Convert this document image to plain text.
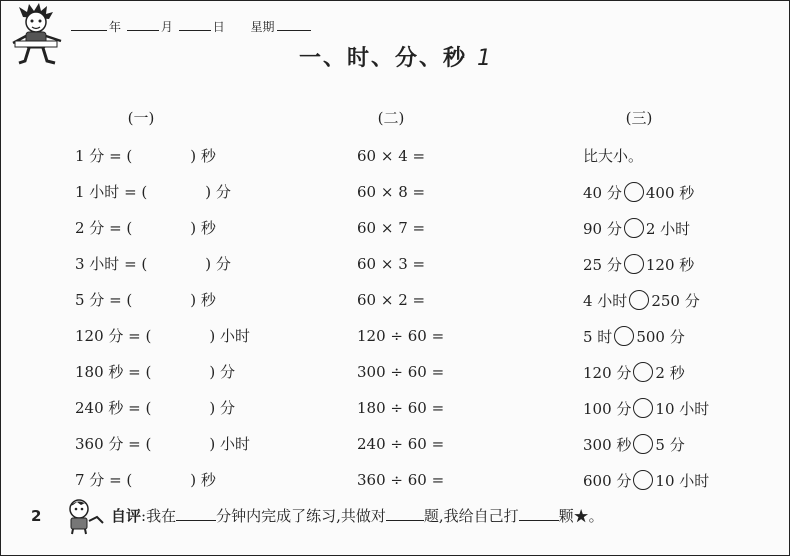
年	月	日 星期
一、时、分、秒 1
(一)
1 分 = (	) 秒
1 小时 = (	) 分
2 分 = (	) 秒
3 小时 = (	) 分
5 分 = (	) 秒
120 分 = (	) 小时
180 秒 = (	) 分
240 秒 = (	) 分
360 分 = (	) 小时
7 分 = (	) 秒
(二)
60 × 4 =
60 × 8 =
60 × 7 =
60 × 3 =
60 × 2 =
120 ÷ 60 =
300 ÷ 60 =
180 ÷ 60 =
240 ÷ 60 =
360 ÷ 60 =
(三)
比大小。
40 分 400 秒
90 分 2 小时
25 分 120 秒
4 小时 250 分
5 时 500 分
120 分 2 秒
100 分 10 小时
300 秒 5 分
600 分 10 小时
2	自评:我在	分钟内完成了练习,共做对	题,我给自己打	颗★。
